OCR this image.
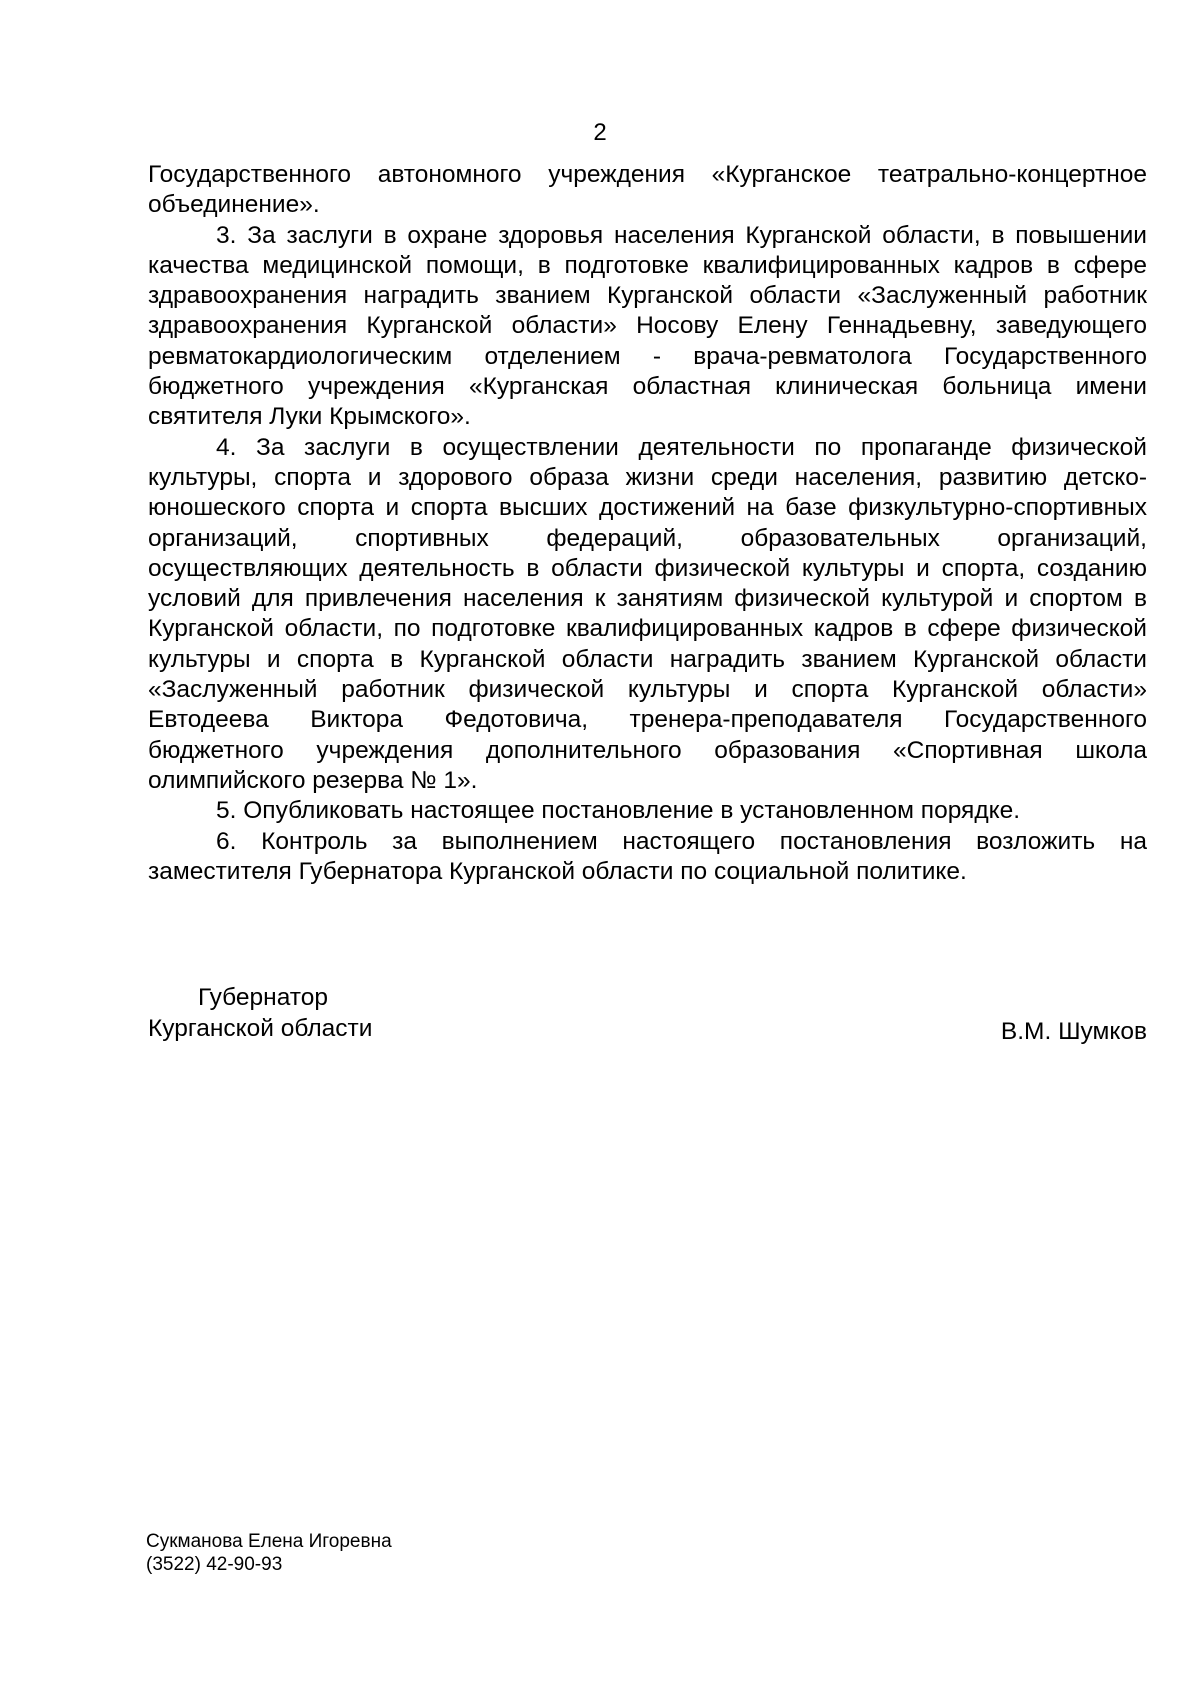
2

Государственного автономного учреждения «Курганское театрально-концертное объединение».

3. За заслуги в охране здоровья населения Курганской области, в повышении качества медицинской помощи, в подготовке квалифицированных кадров в сфере здравоохранения наградить званием Курганской области «Заслуженный работник здравоохранения Курганской области» Носову Елену Геннадьевну, заведующего ревматокардиологическим отделением - врача-ревматолога Государственного бюджетного учреждения «Курганская областная клиническая больница имени святителя Луки Крымского».

4. За заслуги в осуществлении деятельности по пропаганде физической культуры, спорта и здорового образа жизни среди населения, развитию детско-юношеского спорта и спорта высших достижений на базе физкультурно-спортивных организаций, спортивных федераций, образовательных организаций, осуществляющих деятельность в области физической культуры и спорта, созданию условий для привлечения населения к занятиям физической культурой и спортом в Курганской области, по подготовке квалифицированных кадров в сфере физической культуры и спорта в Курганской области наградить званием Курганской области «Заслуженный работник физической культуры и спорта Курганской области» Евтодеева Виктора Федотовича, тренера-преподавателя Государственного бюджетного учреждения дополнительного образования «Спортивная школа олимпийского резерва № 1».

5. Опубликовать настоящее постановление в установленном порядке.

6. Контроль за выполнением настоящего постановления возложить на заместителя Губернатора Курганской области по социальной политике.

Губернатор
Курганской области	В.М. Шумков
Сукманова Елена Игоревна
(3522) 42-90-93
